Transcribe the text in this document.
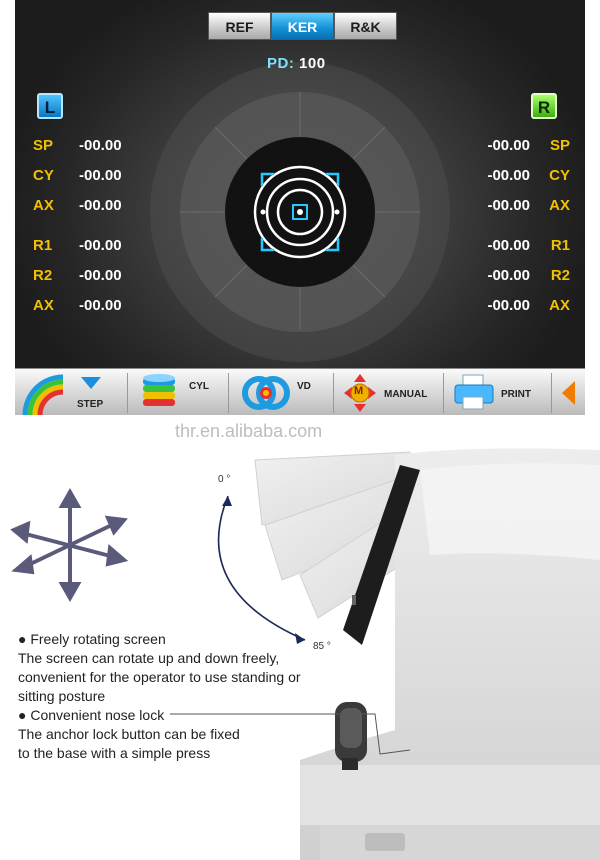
REF	KER	R&K
PD: 100
L	R
SP -00.00
CY -00.00
AX -00.00
R1 -00.00
R2 -00.00
AX -00.00
-00.00 SP
-00.00 CY
-00.00 AX
-00.00 R1
-00.00 R2
-00.00 AX
STEP
CYL	VD	M MANUAL	PRINT
thr.en.alibaba.com
0 °
85 °
● Freely rotating screen
The screen can rotate up and down freely,
convenient for the operator to use standing or
sitting posture
● Convenient nose lock
The anchor lock button can be fixed
to the base with a simple press
